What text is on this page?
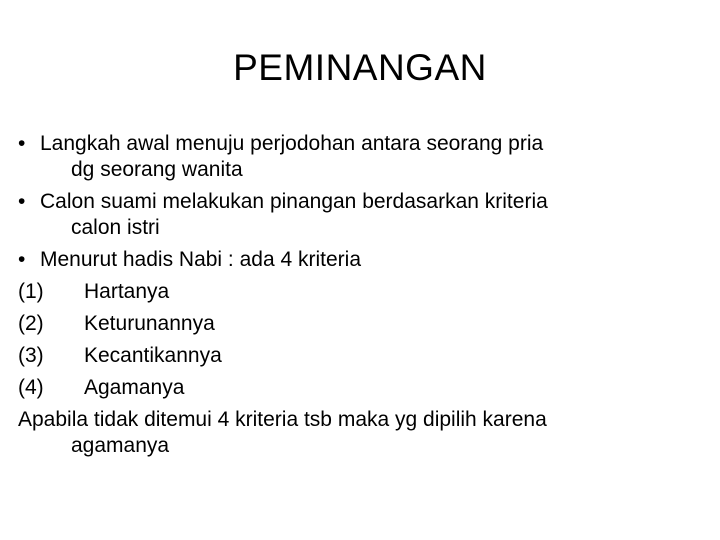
PEMINANGAN
• Langkah awal menuju perjodohan antara seorang pria
dg seorang wanita
• Calon suami melakukan pinangan berdasarkan kriteria
calon istri
• Menurut hadis Nabi : ada 4 kriteria
(1) Hartanya
(2) Keturunannya
(3) Kecantikannya
(4) Agamanya
Apabila tidak ditemui 4 kriteria tsb maka yg dipilih karena
agamanya
